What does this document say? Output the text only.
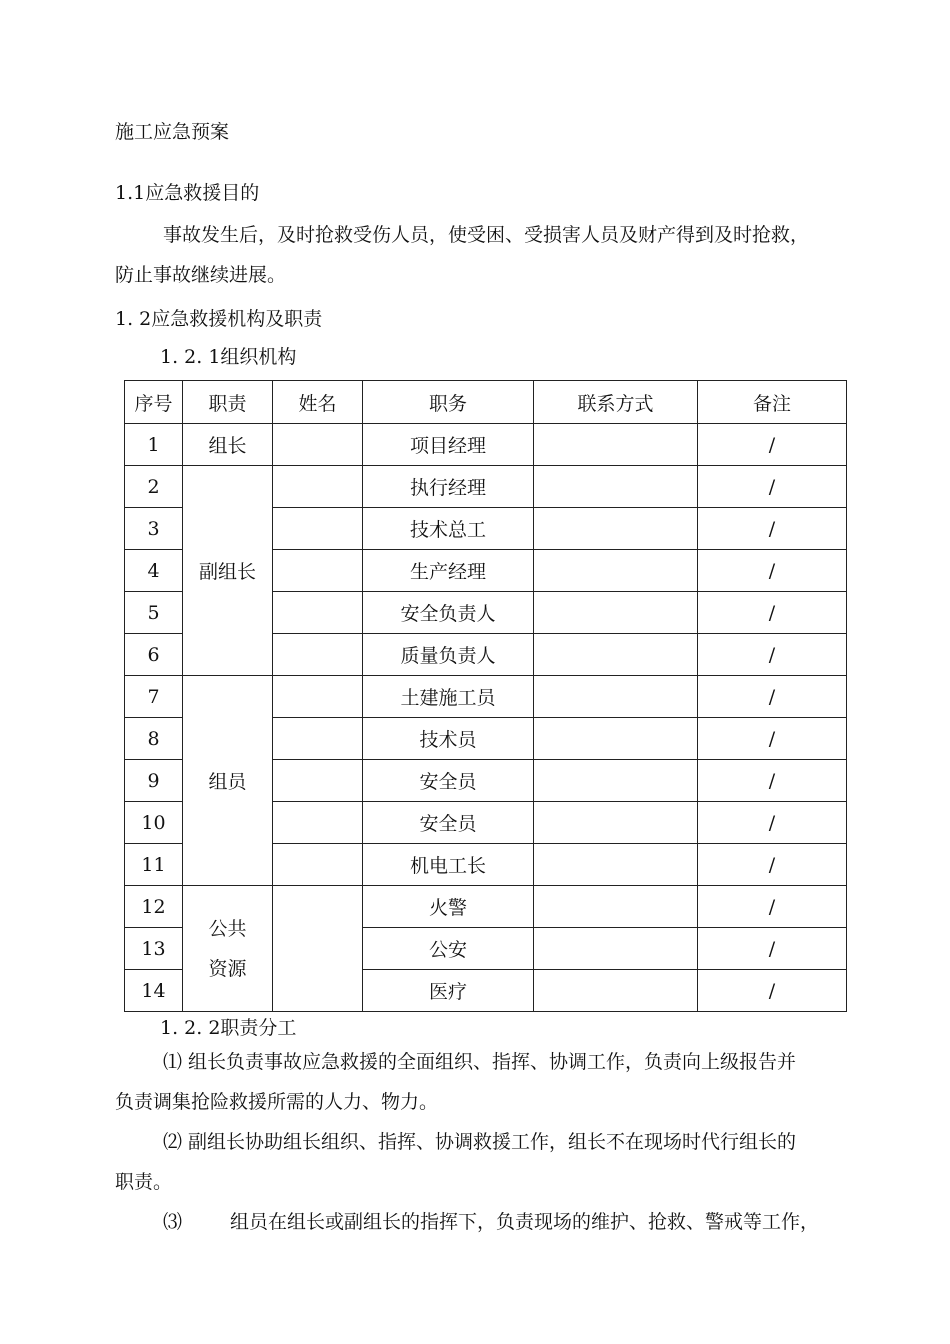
施工应急预案
1.1应急救援目的
事故发生后，及时抢救受伤人员，使受困、受损害人员及财产得到及时抢救，
防止事故继续进展。
1. 2应急救援机构及职责
1. 2. 1组织机构
序号	职责	姓名	职务	联系方式	备注
1	组长		项目经理		/
2	副组长		执行经理		/
3			技术总工		/
4			生产经理		/
5			安全负责人		/
6			质量负责人		/
7	组员		土建施工员		/
8			技术员		/
9			安全员		/
10			安全员		/
11			机电工长		/
12	公共
资源		火警		/
13			公安		/
14			医疗		/
1. 2. 2职责分工
⑴ 组长负责事故应急救援的全面组织、指挥、协调工作，负责向上级报告并
负责调集抢险救援所需的人力、物力。
⑵ 副组长协助组长组织、指挥、协调救援工作，组长不在现场时代行组长的
职责。
⑶	组员在组长或副组长的指挥下，负责现场的维护、抢救、警戒等工作，
